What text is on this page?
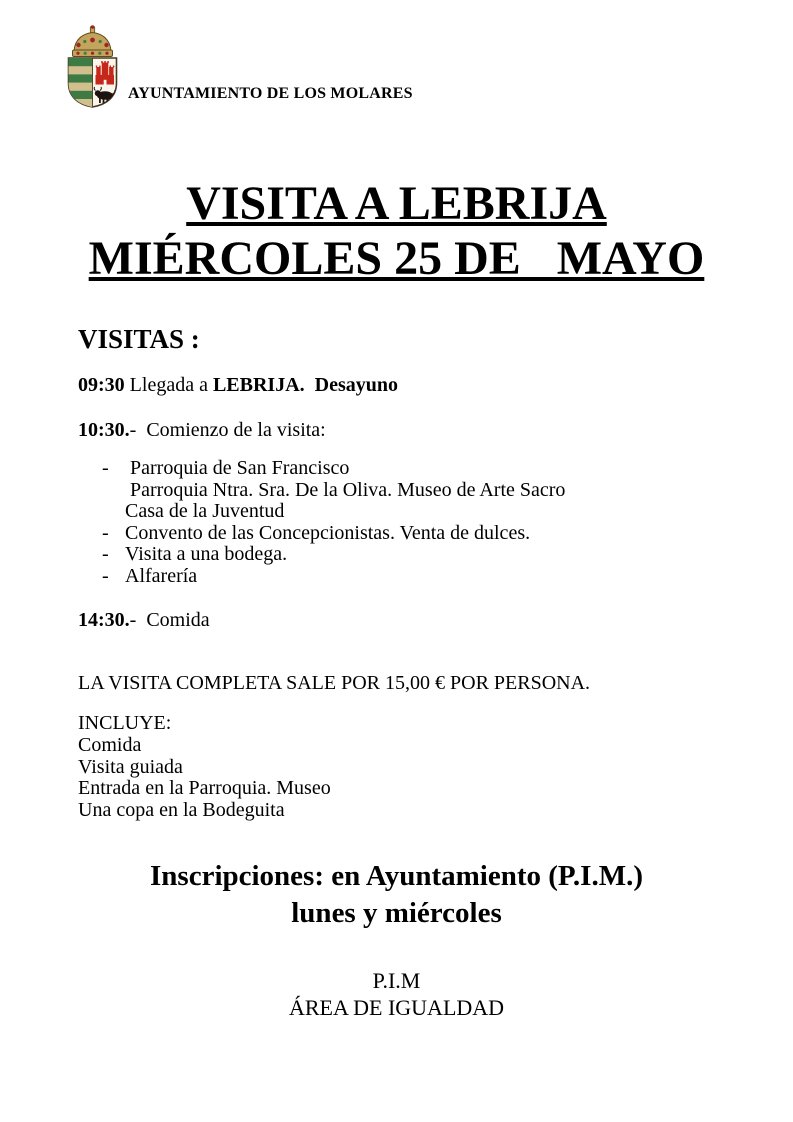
AYUNTAMIENTO DE LOS MOLARES
VISITA A LEBRIJA
MIÉRCOLES 25 DE   MAYO
VISITAS :
09:30 Llegada a LEBRIJA.  Desayuno
10:30.-  Comienzo de la visita:
- Parroquia de San Francisco
Parroquia Ntra. Sra. De la Oliva. Museo de Arte Sacro
Casa de la Juventud
- Convento de las Concepcionistas. Venta de dulces.
- Visita a una bodega.
- Alfarería
14:30.-  Comida
LA VISITA COMPLETA SALE POR 15,00 € POR PERSONA.
INCLUYE:
Comida
Visita guiada
Entrada en la Parroquia. Museo
Una copa en la Bodeguita
Inscripciones: en Ayuntamiento (P.I.M.)
lunes y miércoles
P.I.M
ÁREA DE IGUALDAD
